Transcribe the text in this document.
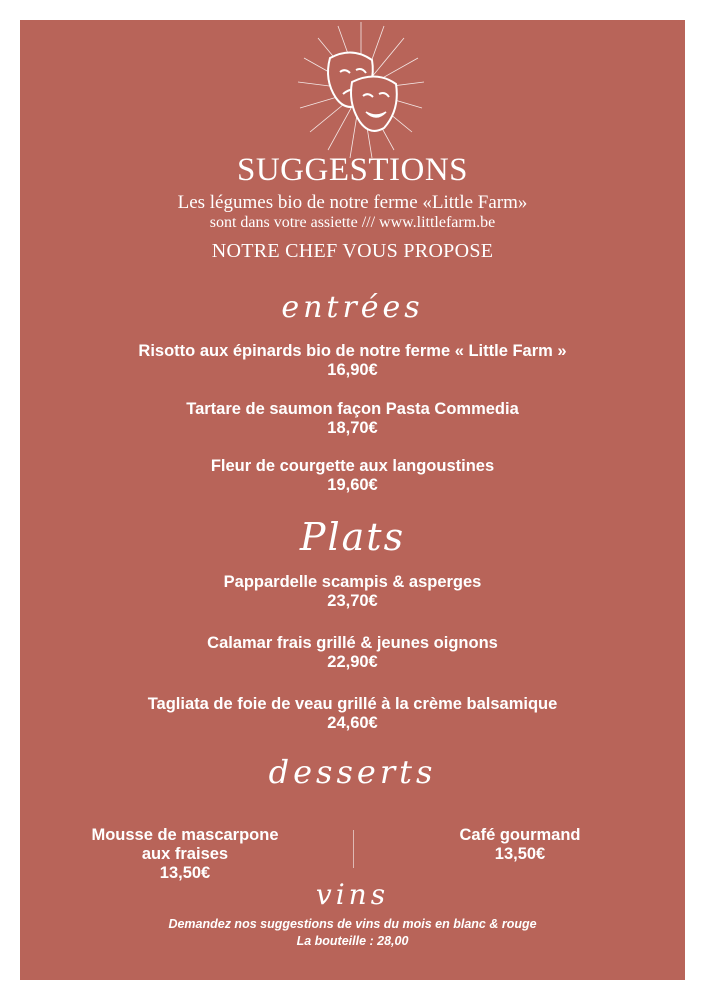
SUGGESTIONS
Les légumes bio de notre ferme «Little Farm»
sont dans votre assiette /// www.littlefarm.be
NOTRE CHEF VOUS PROPOSE
entrées
Risotto aux épinards bio de notre ferme « Little Farm »
16,90€
Tartare de saumon façon Pasta Commedia
18,70€
Fleur de courgette aux langoustines
19,60€
Plats
Pappardelle scampis & asperges
23,70€
Calamar frais grillé & jeunes oignons
22,90€
Tagliata de foie de veau grillé à la crème balsamique
24,60€
desserts
Mousse de mascarpone
aux fraises
13,50€
Café gourmand
13,50€
vins
Demandez nos suggestions de vins du mois en blanc & rouge
La bouteille : 28,00
